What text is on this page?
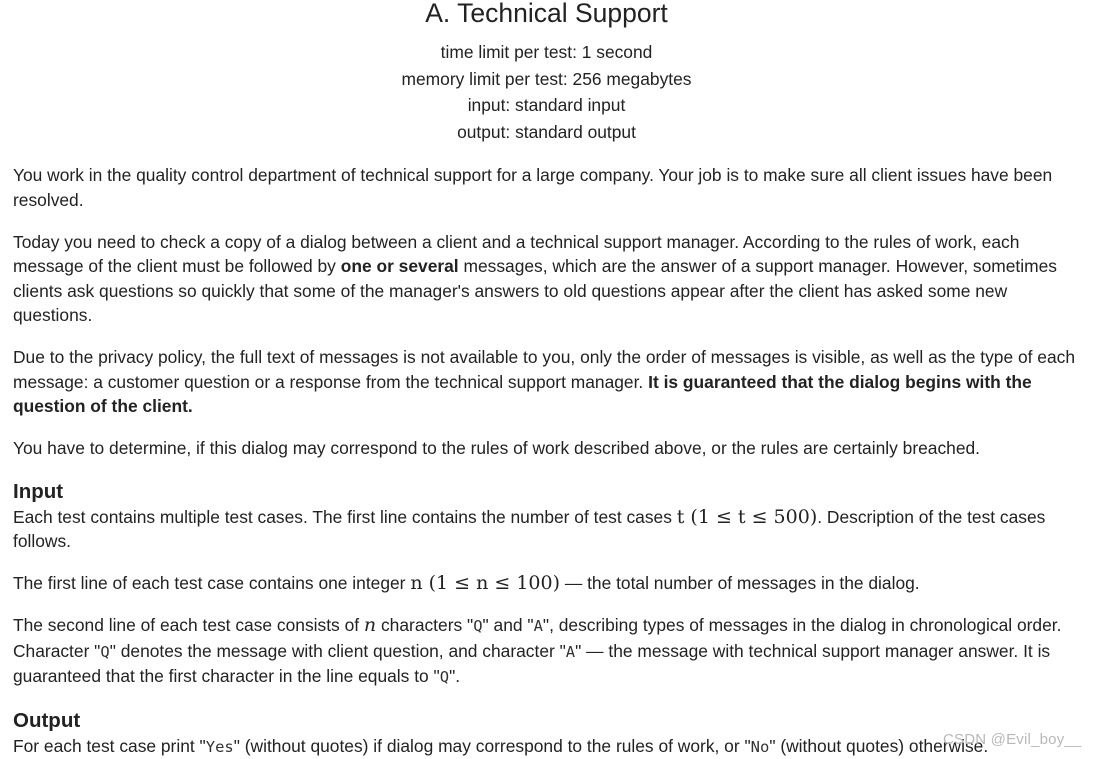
A. Technical Support
time limit per test: 1 second
memory limit per test: 256 megabytes
input: standard input
output: standard output

You work in the quality control department of technical support for a large company. Your job is to make sure all client issues have been resolved.

Today you need to check a copy of a dialog between a client and a technical support manager. According to the rules of work, each message of the client must be followed by one or several messages, which are the answer of a support manager. However, sometimes clients ask questions so quickly that some of the manager's answers to old questions appear after the client has asked some new questions.

Due to the privacy policy, the full text of messages is not available to you, only the order of messages is visible, as well as the type of each message: a customer question or a response from the technical support manager. It is guaranteed that the dialog begins with the question of the client.

You have to determine, if this dialog may correspond to the rules of work described above, or the rules are certainly breached.

Input

Each test contains multiple test cases. The first line contains the number of test cases t (1 ≤ t ≤ 500). Description of the test cases follows.

The first line of each test case contains one integer n (1 ≤ n ≤ 100) — the total number of messages in the dialog.

The second line of each test case consists of n characters "Q" and "A", describing types of messages in the dialog in chronological order. Character "Q" denotes the message with client question, and character "A" — the message with technical support manager answer. It is guaranteed that the first character in the line equals to "Q".

Output

For each test case print "Yes" (without quotes) if dialog may correspond to the rules of work, or "No" (without quotes) otherwise.

CSDN @Evil_boy__
